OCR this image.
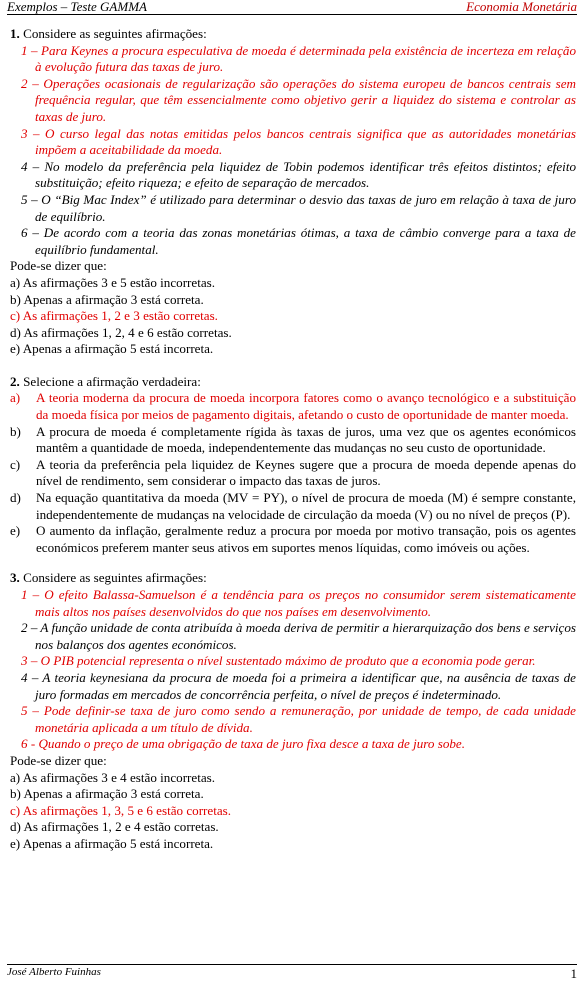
Exemplos – Teste GAMMA	Economia Monetária

1. Considere as seguintes afirmações:

1 – Para Keynes a procura especulativa de moeda é determinada pela existência de incerteza em relação à evolução futura das taxas de juro.

2 – Operações ocasionais de regularização são operações do sistema europeu de bancos centrais sem frequência regular, que têm essencialmente como objetivo gerir a liquidez do sistema e controlar as taxas de juro.

3 – O curso legal das notas emitidas pelos bancos centrais significa que as autoridades monetárias impõem a aceitabilidade da moeda.

4 – No modelo da preferência pela liquidez de Tobin podemos identificar três efeitos distintos; efeito substituição; efeito riqueza; e efeito de separação de mercados.

5 – O “Big Mac Index” é utilizado para determinar o desvio das taxas de juro em relação à taxa de juro de equilíbrio.

6 – De acordo com a teoria das zonas monetárias ótimas, a taxa de câmbio converge para a taxa de equilíbrio fundamental.

Pode-se dizer que:

a) As afirmações 3 e 5 estão incorretas.

b) Apenas a afirmação 3 está correta.

c) As afirmações 1, 2 e 3 estão corretas.

d) As afirmações 1, 2, 4 e 6 estão corretas.

e) Apenas a afirmação 5 está incorreta.

2. Selecione a afirmação verdadeira:

a) A teoria moderna da procura de moeda incorpora fatores como o avanço tecnológico e a substituição da moeda física por meios de pagamento digitais, afetando o custo de oportunidade de manter moeda.

b) A procura de moeda é completamente rígida às taxas de juros, uma vez que os agentes económicos mantêm a quantidade de moeda, independentemente das mudanças no seu custo de oportunidade.

c) A teoria da preferência pela liquidez de Keynes sugere que a procura de moeda depende apenas do nível de rendimento, sem considerar o impacto das taxas de juros.

d) Na equação quantitativa da moeda (MV = PY), o nível de procura de moeda (M) é sempre constante, independentemente de mudanças na velocidade de circulação da moeda (V) ou no nível de preços (P).

e) O aumento da inflação, geralmente reduz a procura por moeda por motivo transação, pois os agentes económicos preferem manter seus ativos em suportes menos líquidas, como imóveis ou ações.

3. Considere as seguintes afirmações:

1 – O efeito Balassa-Samuelson é a tendência para os preços no consumidor serem sistematicamente mais altos nos países desenvolvidos do que nos países em desenvolvimento.

2 – A função unidade de conta atribuída à moeda deriva de permitir a hierarquização dos bens e serviços nos balanços dos agentes económicos.

3 – O PIB potencial representa o nível sustentado máximo de produto que a economia pode gerar.

4 – A teoria keynesiana da procura de moeda foi a primeira a identificar que, na ausência de taxas de juro formadas em mercados de concorrência perfeita, o nível de preços é indeterminado.

5 – Pode definir-se taxa de juro como sendo a remuneração, por unidade de tempo, de cada unidade monetária aplicada a um título de dívida.

6 - Quando o preço de uma obrigação de taxa de juro fixa desce a taxa de juro sobe.

Pode-se dizer que:

a) As afirmações 3 e 4 estão incorretas.

b) Apenas a afirmação 3 está correta.

c) As afirmações 1, 3, 5 e 6 estão corretas.

d) As afirmações 1, 2 e 4 estão corretas.

e) Apenas a afirmação 5 está incorreta.

José Alberto Fuinhas	1
